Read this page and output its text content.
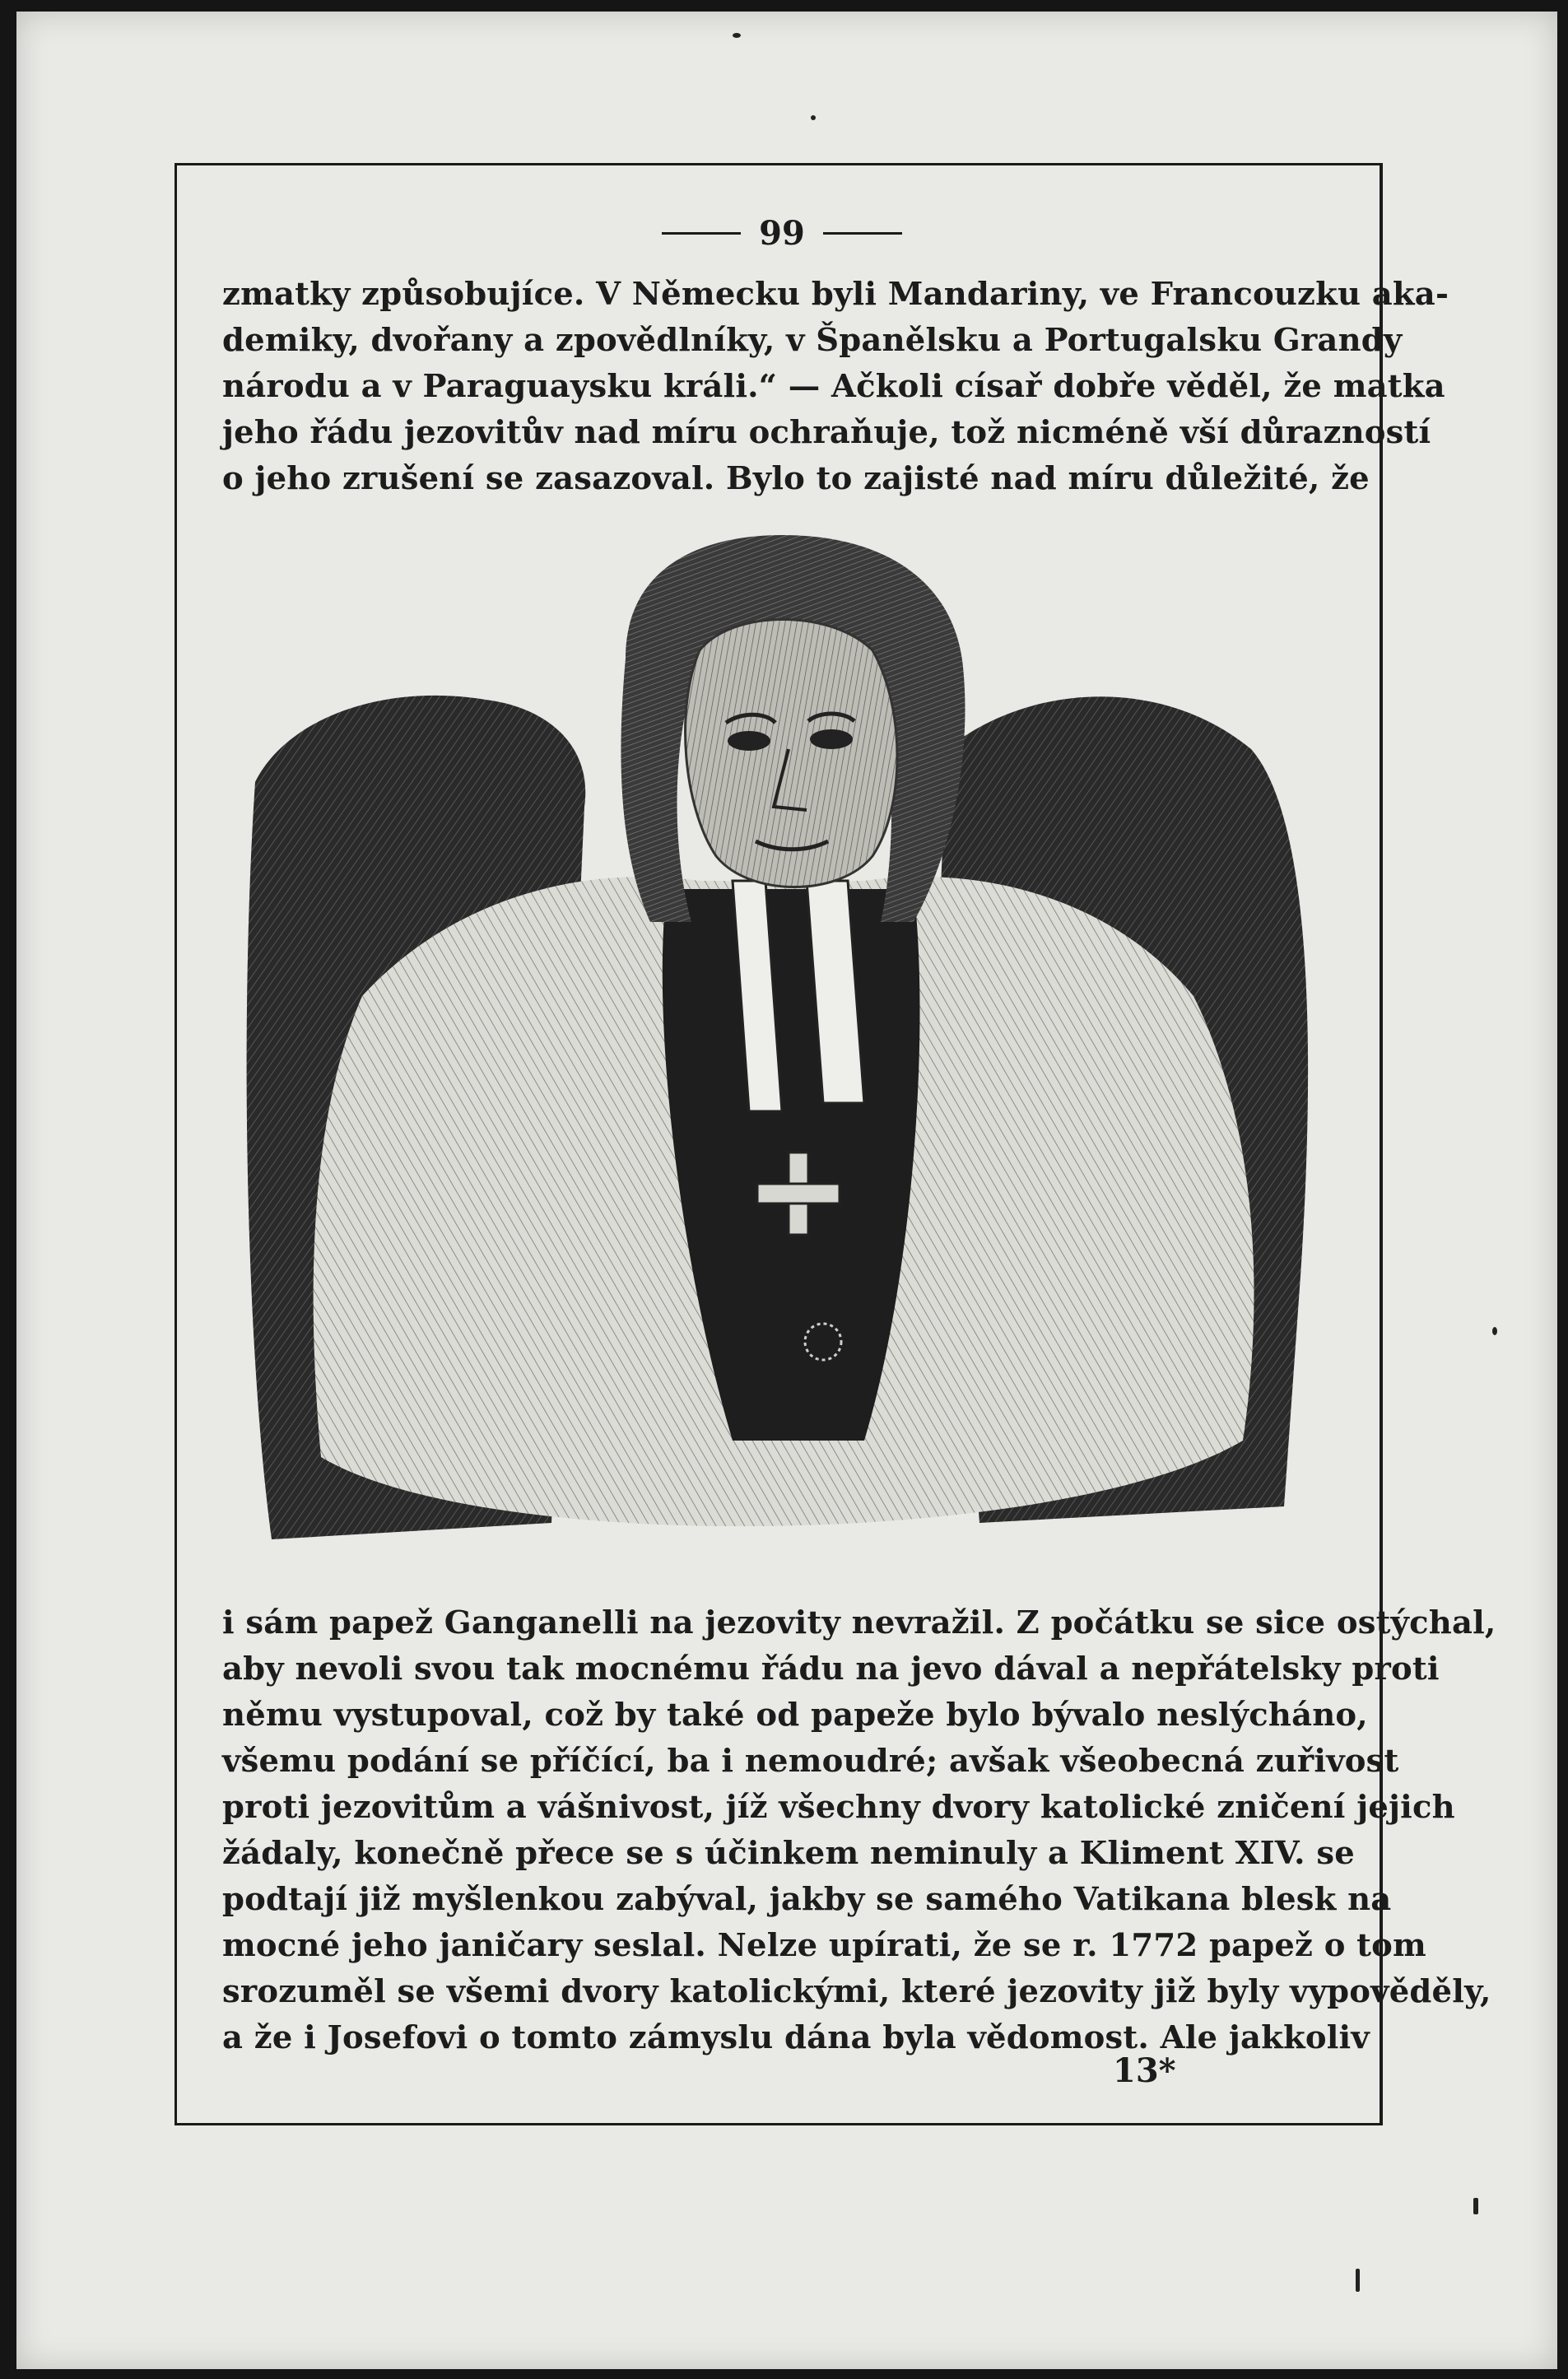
99
zmatky způsobujíce. V Německu byli Mandariny, ve Francouzku aka-
demiky, dvořany a zpovědlníky, v Španělsku a Portugalsku Grandy
národu a v Paraguaysku králi.“ — Ačkoli císař dobře věděl, že matka
jeho řádu jezovitův nad míru ochraňuje, tož nicméně vší důrazností
o jeho zrušení se zasazoval. Bylo to zajisté nad míru důležité, že
i sám papež Ganganelli na jezovity nevražil. Z počátku se sice ostýchal,
aby nevoli svou tak mocnému řádu na jevo dával a nepřátelsky proti
němu vystupoval, což by také od papeže bylo bývalo neslýcháno,
všemu podání se příčící, ba i nemoudré; avšak všeobecná zuřivost
proti jezovitům a vášnivost, jíž všechny dvory katolické zničení jejich
žádaly, konečně přece se s účinkem neminuly a Kliment XIV. se
podtají již myšlenkou zabýval, jakby se samého Vatikana blesk na
mocné jeho janičary seslal. Nelze upírati, že se r. 1772 papež o tom
srozuměl se všemi dvory katolickými, které jezovity již byly vypověděly,
a že i Josefovi o tomto zámyslu dána byla vědomost. Ale jakkoliv
13*
